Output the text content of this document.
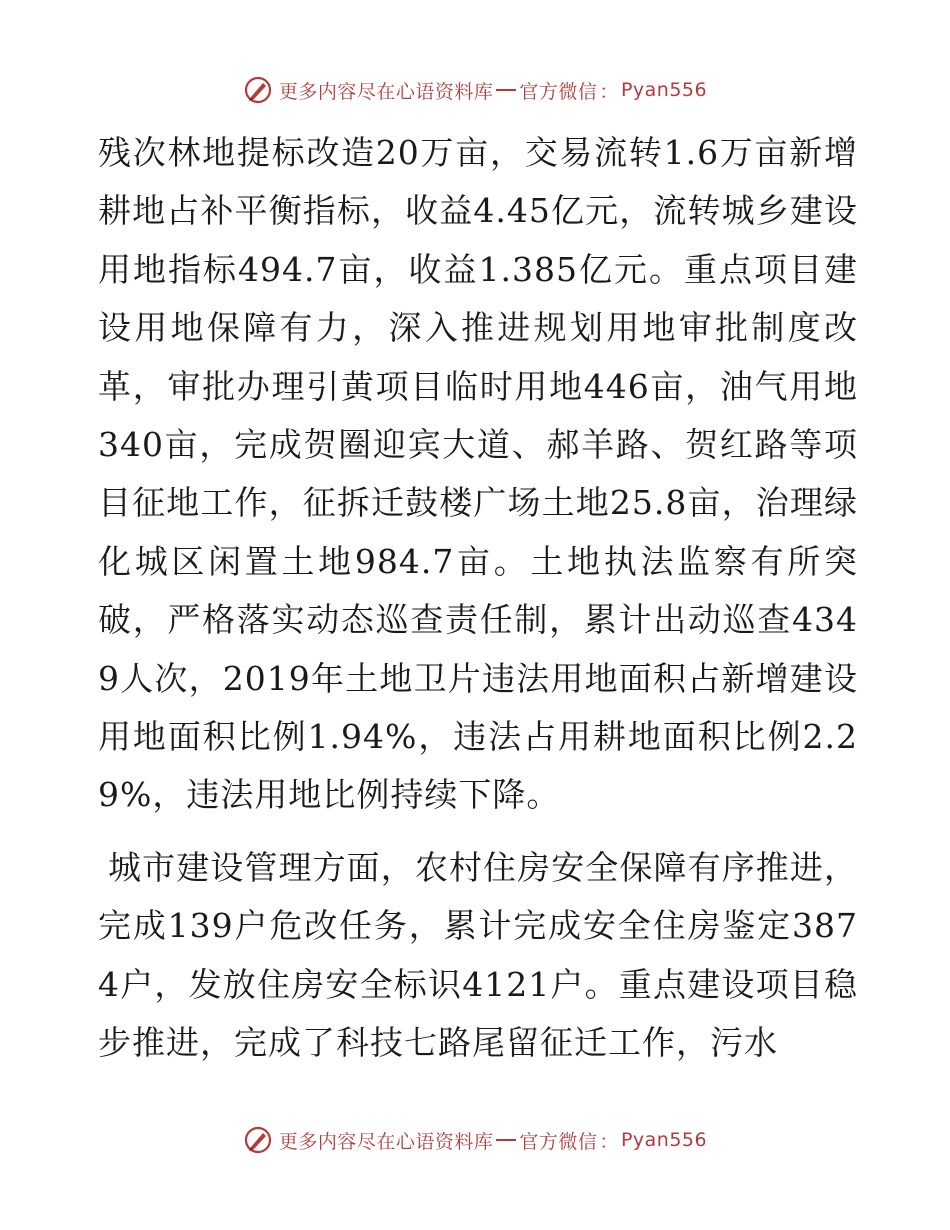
更多内容尽在心语资料库 官方微信 ： Pyan556

残次林地提标改造20万亩，交易流转1.6万亩新增耕地占补平衡指标，收益4.45亿元，流转城乡建设用地指标494.7亩，收益1.385亿元。重点项目建设用地保障有力，深入推进规划用地审批制度改革，审批办理引黄项目临时用地446亩，油气用地340亩，完成贺圈迎宾大道、郝羊路、贺红路等项目征地工作，征拆迁鼓楼广场土地25.8亩，治理绿化城区闲置土地984.7亩。土地执法监察有所突破，严格落实动态巡查责任制，累计出动巡查4349人次，2019年土地卫片违法用地面积占新增建设用地面积比例1.94%，违法占用耕地面积比例2.29%，违法用地比例持续下降。

城市建设管理方面，农村住房安全保障有序推进，完成139户危改任务，累计完成安全住房鉴定3874户，发放住房安全标识4121户。重点建设项目稳步推进，完成了科技七路尾留征迁工作，污水

更多内容尽在心语资料库 官方微信 ： Pyan556
